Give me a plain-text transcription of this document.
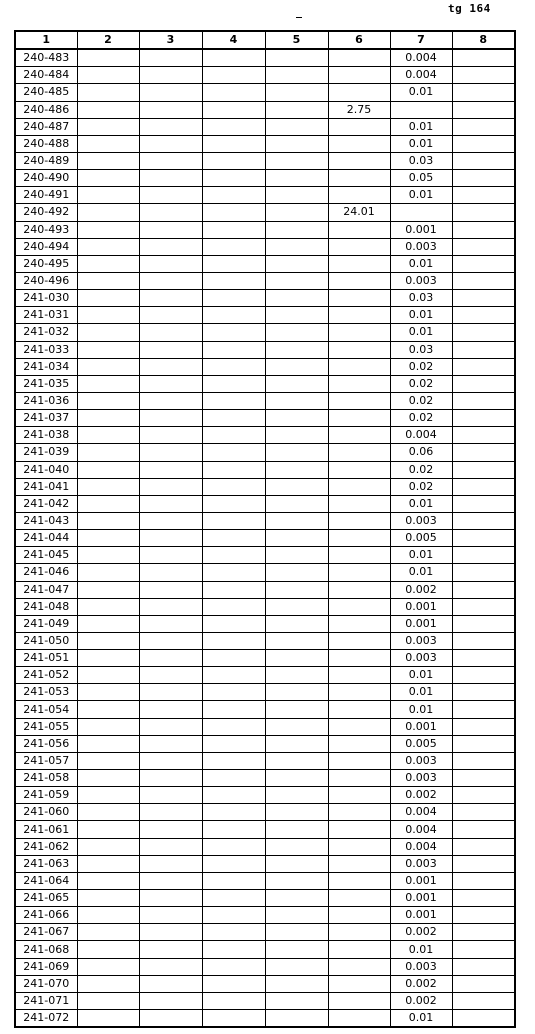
tg 164
1	2	3	4	5	6	7	8
240-483						0.004	
240-484						0.004	
240-485						0.01	
240-486					2.75		
240-487						0.01	
240-488						0.01	
240-489						0.03	
240-490						0.05	
240-491						0.01	
240-492					24.01		
240-493						0.001	
240-494						0.003	
240-495						0.01	
240-496						0.003	
241-030						0.03	
241-031						0.01	
241-032						0.01	
241-033						0.03	
241-034						0.02	
241-035						0.02	
241-036						0.02	
241-037						0.02	
241-038						0.004	
241-039						0.06	
241-040						0.02	
241-041						0.02	
241-042						0.01	
241-043						0.003	
241-044						0.005	
241-045						0.01	
241-046						0.01	
241-047						0.002	
241-048						0.001	
241-049						0.001	
241-050						0.003	
241-051						0.003	
241-052						0.01	
241-053						0.01	
241-054						0.01	
241-055						0.001	
241-056						0.005	
241-057						0.003	
241-058						0.003	
241-059						0.002	
241-060						0.004	
241-061						0.004	
241-062						0.004	
241-063						0.003	
241-064						0.001	
241-065						0.001	
241-066						0.001	
241-067						0.002	
241-068						0.01	
241-069						0.003	
241-070						0.002	
241-071						0.002	
241-072						0.01	
